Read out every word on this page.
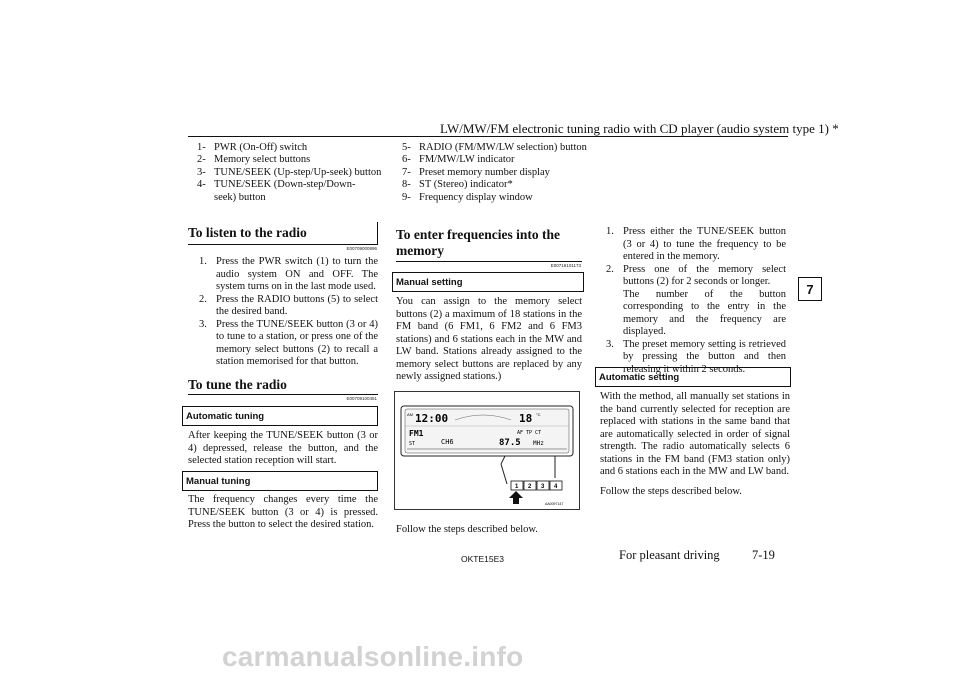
LW/MW/FM electronic tuning radio with CD player (audio system type 1) *
7
1- PWR (On-Off) switch
2- Memory select buttons
3- TUNE/SEEK (Up-step/Up-seek) button
4- TUNE/SEEK (Down-step/Down-seek) button
5- RADIO (FM/MW/LW selection) button
6- FM/MW/LW indicator
7- Preset memory number display
8- ST (Stereo) indicator*
9- Frequency display window
To listen to the radio
E00709000896
1. Press the PWR switch (1) to turn the audio system ON and OFF. The system turns on in the last mode used.
2. Press the RADIO buttons (5) to select the desired band.
3. Press the TUNE/SEEK button (3 or 4) to tune to a station, or press one of the memory select buttons (2) to recall a station memorised for that button.
To tune the radio
E00709100451
Automatic tuning

After keeping the TUNE/SEEK button (3 or 4) depressed, release the button, and the selected station reception will start.

Manual tuning

The frequency changes every time the TUNE/SEEK button (3 or 4) is pressed. Press the button to select the desired station.

To enter frequencies into the
memory
E00716101173
Manual setting

You can assign to the memory select buttons (2) a maximum of 18 stations in the FM band (6 FM1, 6 FM2 and 6 FM3 stations) and 6 stations each in the MW and LW band. Stations already assigned to the memory select buttons are replaced by any newly assigned stations.)

AM 12:00	18 °C
FM1
ST	CH6
AF TP CT
87.5 MHz
1 2 3 4
AA0097147

Follow the steps described below.

1. Press either the TUNE/SEEK button (3 or 4) to tune the frequency to be entered in the memory.
2. Press one of the memory select buttons (2) for 2 seconds or longer.
The number of the button corresponding to the entry in the memory and the frequency are displayed.
3. The preset memory setting is retrieved by pressing the button and then releasing it within 2 seconds.
Automatic setting

With the method, all manually set stations in the band currently selected for reception are replaced with stations in the same band that are automatically selected in order of signal strength. The radio automatically selects 6 stations in the FM band (FM3 station only) and 6 stations each in the MW and LW band.

Follow the steps described below.

OKTE15E3	For pleasant driving	7-19
carmanualsonline.info
